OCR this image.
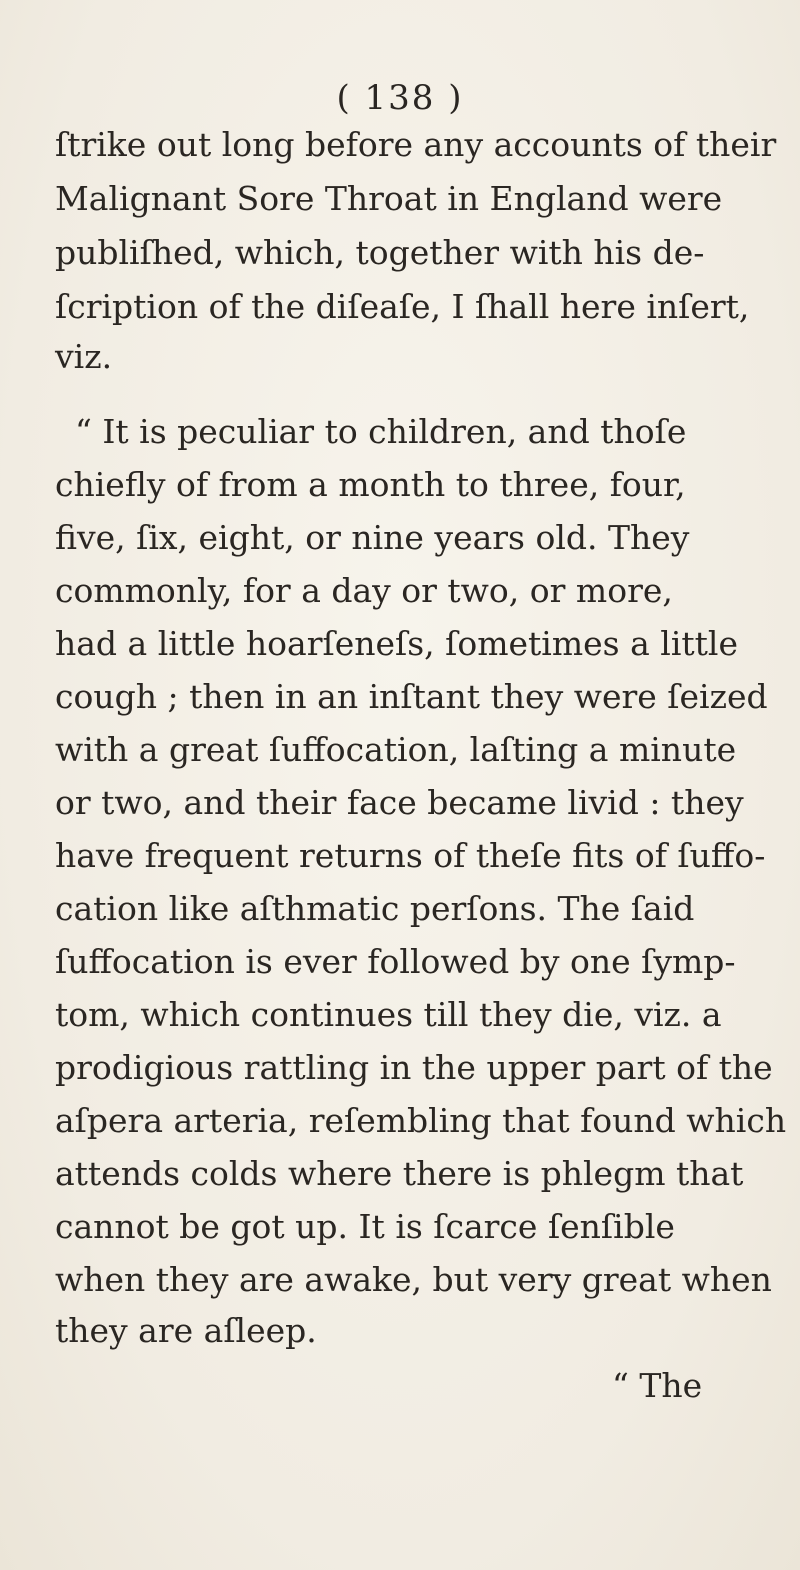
( 138 )
ſtrike out long before any accounts of their
Malignant Sore Throat in England were
publiſhed, which, together with his de-
ſcription of the diſeaſe, I ſhall here inſert,
viz.
“ It is peculiar to children, and thoſe
chiefly of from a month to three, four,
five, ſix, eight, or nine years old. They
commonly, for a day or two, or more,
had a little hoarſeneſs, ſometimes a little
cough ; then in an inſtant they were ſeized
with a great ſuffocation, laſting a minute
or two, and their face became livid : they
have frequent returns of theſe fits of ſuffo-
cation like aſthmatic perſons. The ſaid
ſuffocation is ever followed by one ſymp-
tom, which continues till they die, viz. a
prodigious rattling in the upper part of the
aſpera arteria, reſembling that found which
attends colds where there is phlegm that
cannot be got up. It is ſcarce ſenſible
when they are awake, but very great when
they are aſleep.
“ The
